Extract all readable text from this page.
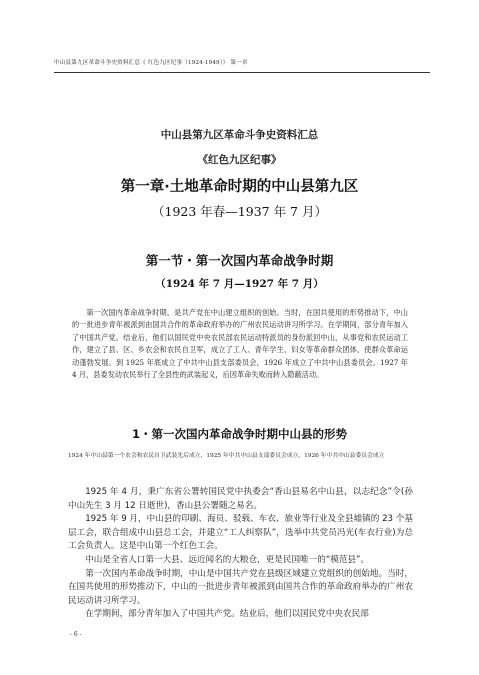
中山县第九区革命斗争史资料汇总《 红色九区纪事（1924-1949）》 第一章
中山县第九区革命斗争史资料汇总
《红色九区纪事》
第一章·土地革命时期的中山县第九区
（1923 年春—1937 年 7 月）
第一节・第一次国内革命战争时期
（1924 年 7 月—1927 年 7 月）
第一次国内革命战争时期，是共产党在中山建立组织的创始。当时，在国共使用的形势推动下，中山的一批进步青年被派到由国共合作的革命政府举办的广州农民运动讲习所学习。在学期间，部分青年加入了中国共产党。结业后，他们以国民党中央农民部农民运动特派员的身份派回中山，从事党和农民运动工作，建立了县、区、乡农会和农民自卫军，成立了工人、青年学生、妇女等革命群众团体，使群众革命运动蓬勃发展。到 1925 年底成立了中共中山县支部委员会，1926 年成立了中共中山县委员会。1927 年 4 月，县委发动农民举行了全县性的武装起义，后因革命失败而转入隐蔽活动。
1・第一次国内革命战争时期中山县的形势
1924 年中山县第一个农会和农民自卫武装先后成立，1925 年中共中山县支部委员会成立，1926 年中共中山县委员会成立

1925 年 4 月，秉广东省公署转国民党中执委会“香山县易名中山县，以志纪念”令(孙中山先生 3 月 12 日逝世)，香山县公署随之易名。

1925 年 9 月，中山县的印刷、海员、驳载、车衣、旅业等行业及全县墟镇的 23 个基层工会，联合组成中山县总工会，并建立“工人纠察队”，选举中共党员冯光(车衣行业)为总工会负责人。这是中山第一个红色工会。

中山是全省人口第一大县、远近闻名的大粮仓，更是民国唯一的“模范县”。

第一次国内革命战争时期，中山是中国共产党在县级区域建立党组织的创始地。当时，在国共使用的形势推动下，中山的一批进步青年被派到由国共合作的革命政府举办的广州农民运动讲习所学习。

在学期间，部分青年加入了中国共产党。结业后，他们以国民党中央农民部

- 6 -
